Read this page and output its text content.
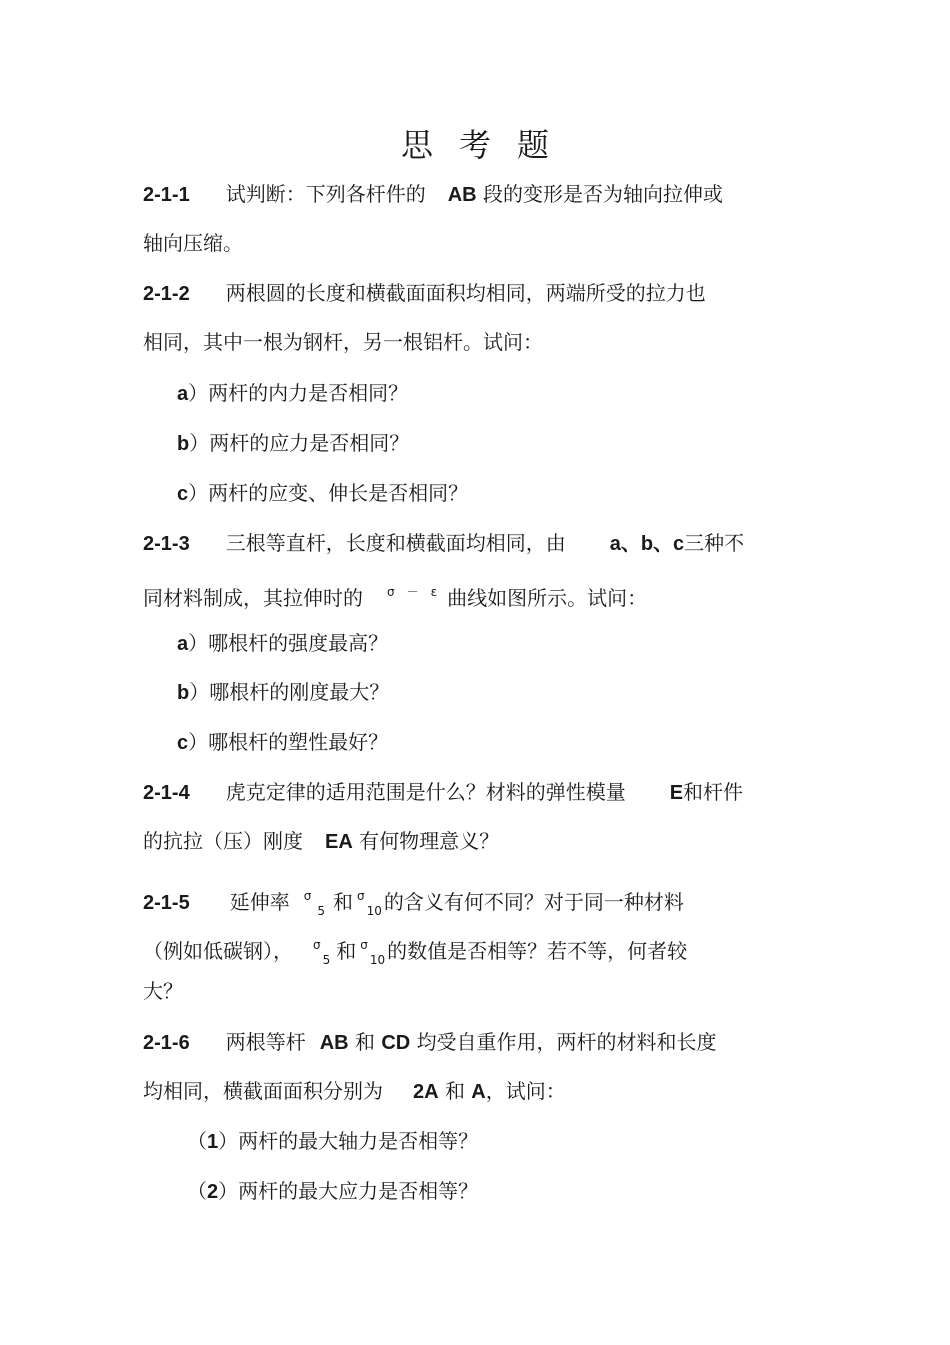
思考题
2-1-1 试判断：下列各杆件的 AB 段的变形是否为轴向拉伸或
轴向压缩。
2-1-2 两根圆的长度和横截面面积均相同，两端所受的拉力也
相同，其中一根为钢杆，另一根铝杆。试问：
a）两杆的内力是否相同？
b）两杆的应力是否相同？
c）两杆的应变、伸长是否相同？
2-1-3 三根等直杆，长度和横截面均相同，由 a、b、c三种不
同材料制成，其拉伸时的 $^\sigma$ － $^\varepsilon$ 曲线如图所示。试问：
a）哪根杆的强度最高？
b）哪根杆的刚度最大？
c）哪根杆的塑性最好？
2-1-4 虎克定律的适用范围是什么？材料的弹性模量 E和杆件
的抗拉（压）刚度 EA 有何物理意义？
2-1-5 延伸率 $^\sigma_5$ 和 $^\sigma_{10}$ 的含义有何不同？对于同一种材料
（例如低碳钢）， $^\sigma_5$ 和 $^\sigma_{10}$ 的数值是否相等？若不等，何者较
大？
2-1-6 两根等杆 AB 和 CD 均受自重作用，两杆的材料和长度
均相同，横截面面积分别为 2A 和 A，试问：
（1）两杆的最大轴力是否相等？
（2）两杆的最大应力是否相等？
